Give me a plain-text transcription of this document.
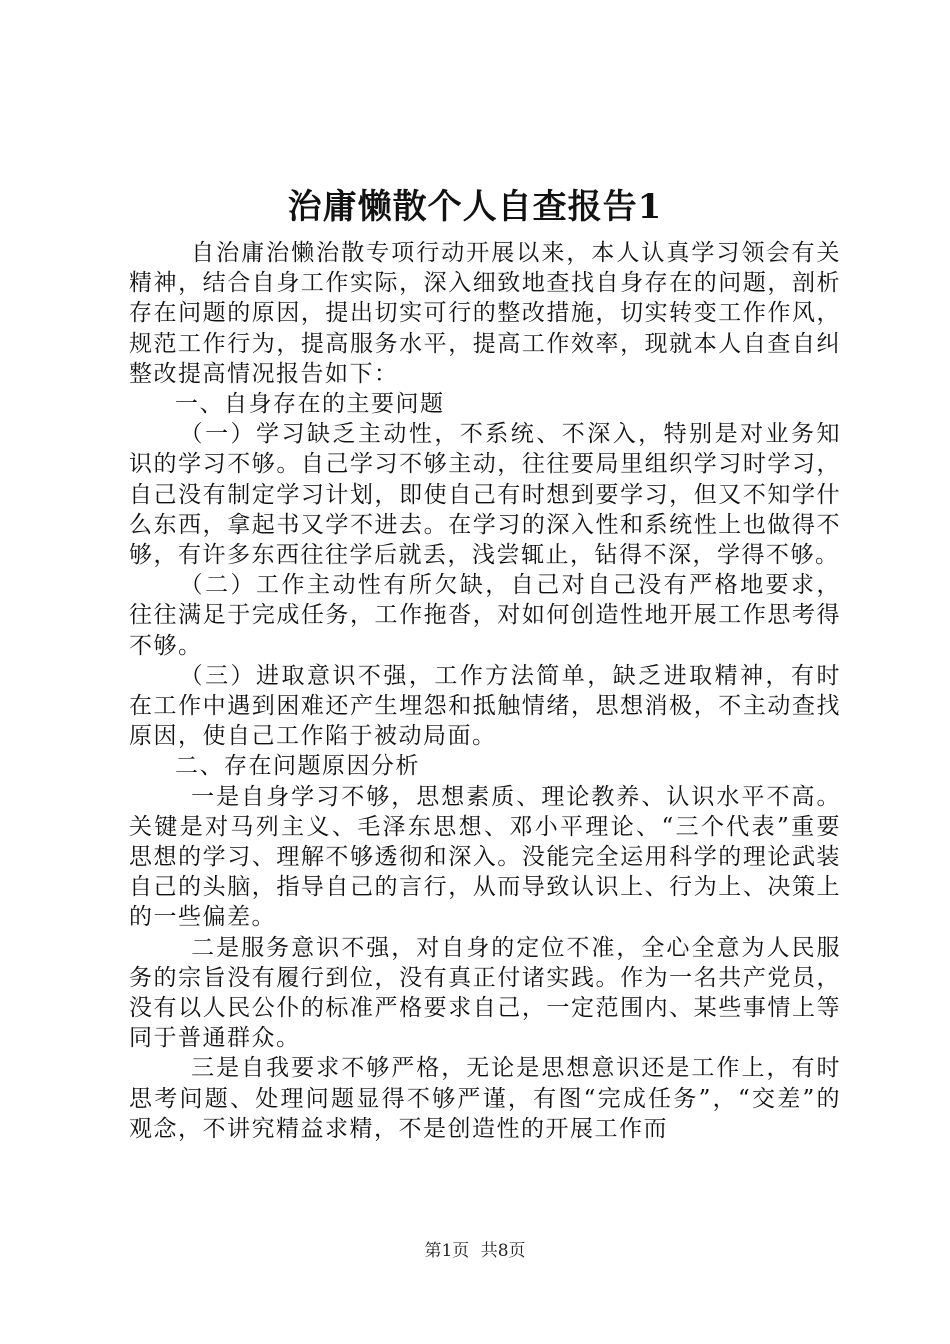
治庸懒散个人自查报告1

自治庸治懒治散专项行动开展以来，本人认真学习领会有关精神，结合自身工作实际，深入细致地查找自身存在的问题，剖析存在问题的原因，提出切实可行的整改措施，切实转变工作作风，规范工作行为，提高服务水平，提高工作效率，现就本人自查自纠整改提高情况报告如下：

一、自身存在的主要问题

（一）学习缺乏主动性，不系统、不深入，特别是对业务知识的学习不够。自己学习不够主动，往往要局里组织学习时学习，自己没有制定学习计划，即使自己有时想到要学习，但又不知学什么东西，拿起书又学不进去。在学习的深入性和系统性上也做得不够，有许多东西往往学后就丢，浅尝辄止，钻得不深，学得不够。

（二）工作主动性有所欠缺，自己对自己没有严格地要求，往往满足于完成任务，工作拖沓，对如何创造性地开展工作思考得不够。

（三）进取意识不强，工作方法简单，缺乏进取精神，有时在工作中遇到困难还产生埋怨和抵触情绪，思想消极，不主动查找原因，使自己工作陷于被动局面。

二、存在问题原因分析

一是自身学习不够，思想素质、理论教养、认识水平不高。关键是对马列主义、毛泽东思想、邓小平理论、“三个代表”重要思想的学习、理解不够透彻和深入。没能完全运用科学的理论武装自己的头脑，指导自己的言行，从而导致认识上、行为上、决策上的一些偏差。

二是服务意识不强，对自身的定位不准，全心全意为人民服务的宗旨没有履行到位，没有真正付诸实践。作为一名共产党员，没有以人民公仆的标准严格要求自己，一定范围内、某些事情上等同于普通群众。

三是自我要求不够严格，无论是思想意识还是工作上，有时思考问题、处理问题显得不够严谨，有图“完成任务”，“交差”的观念，不讲究精益求精，不是创造性的开展工作而

第1页 共8页
